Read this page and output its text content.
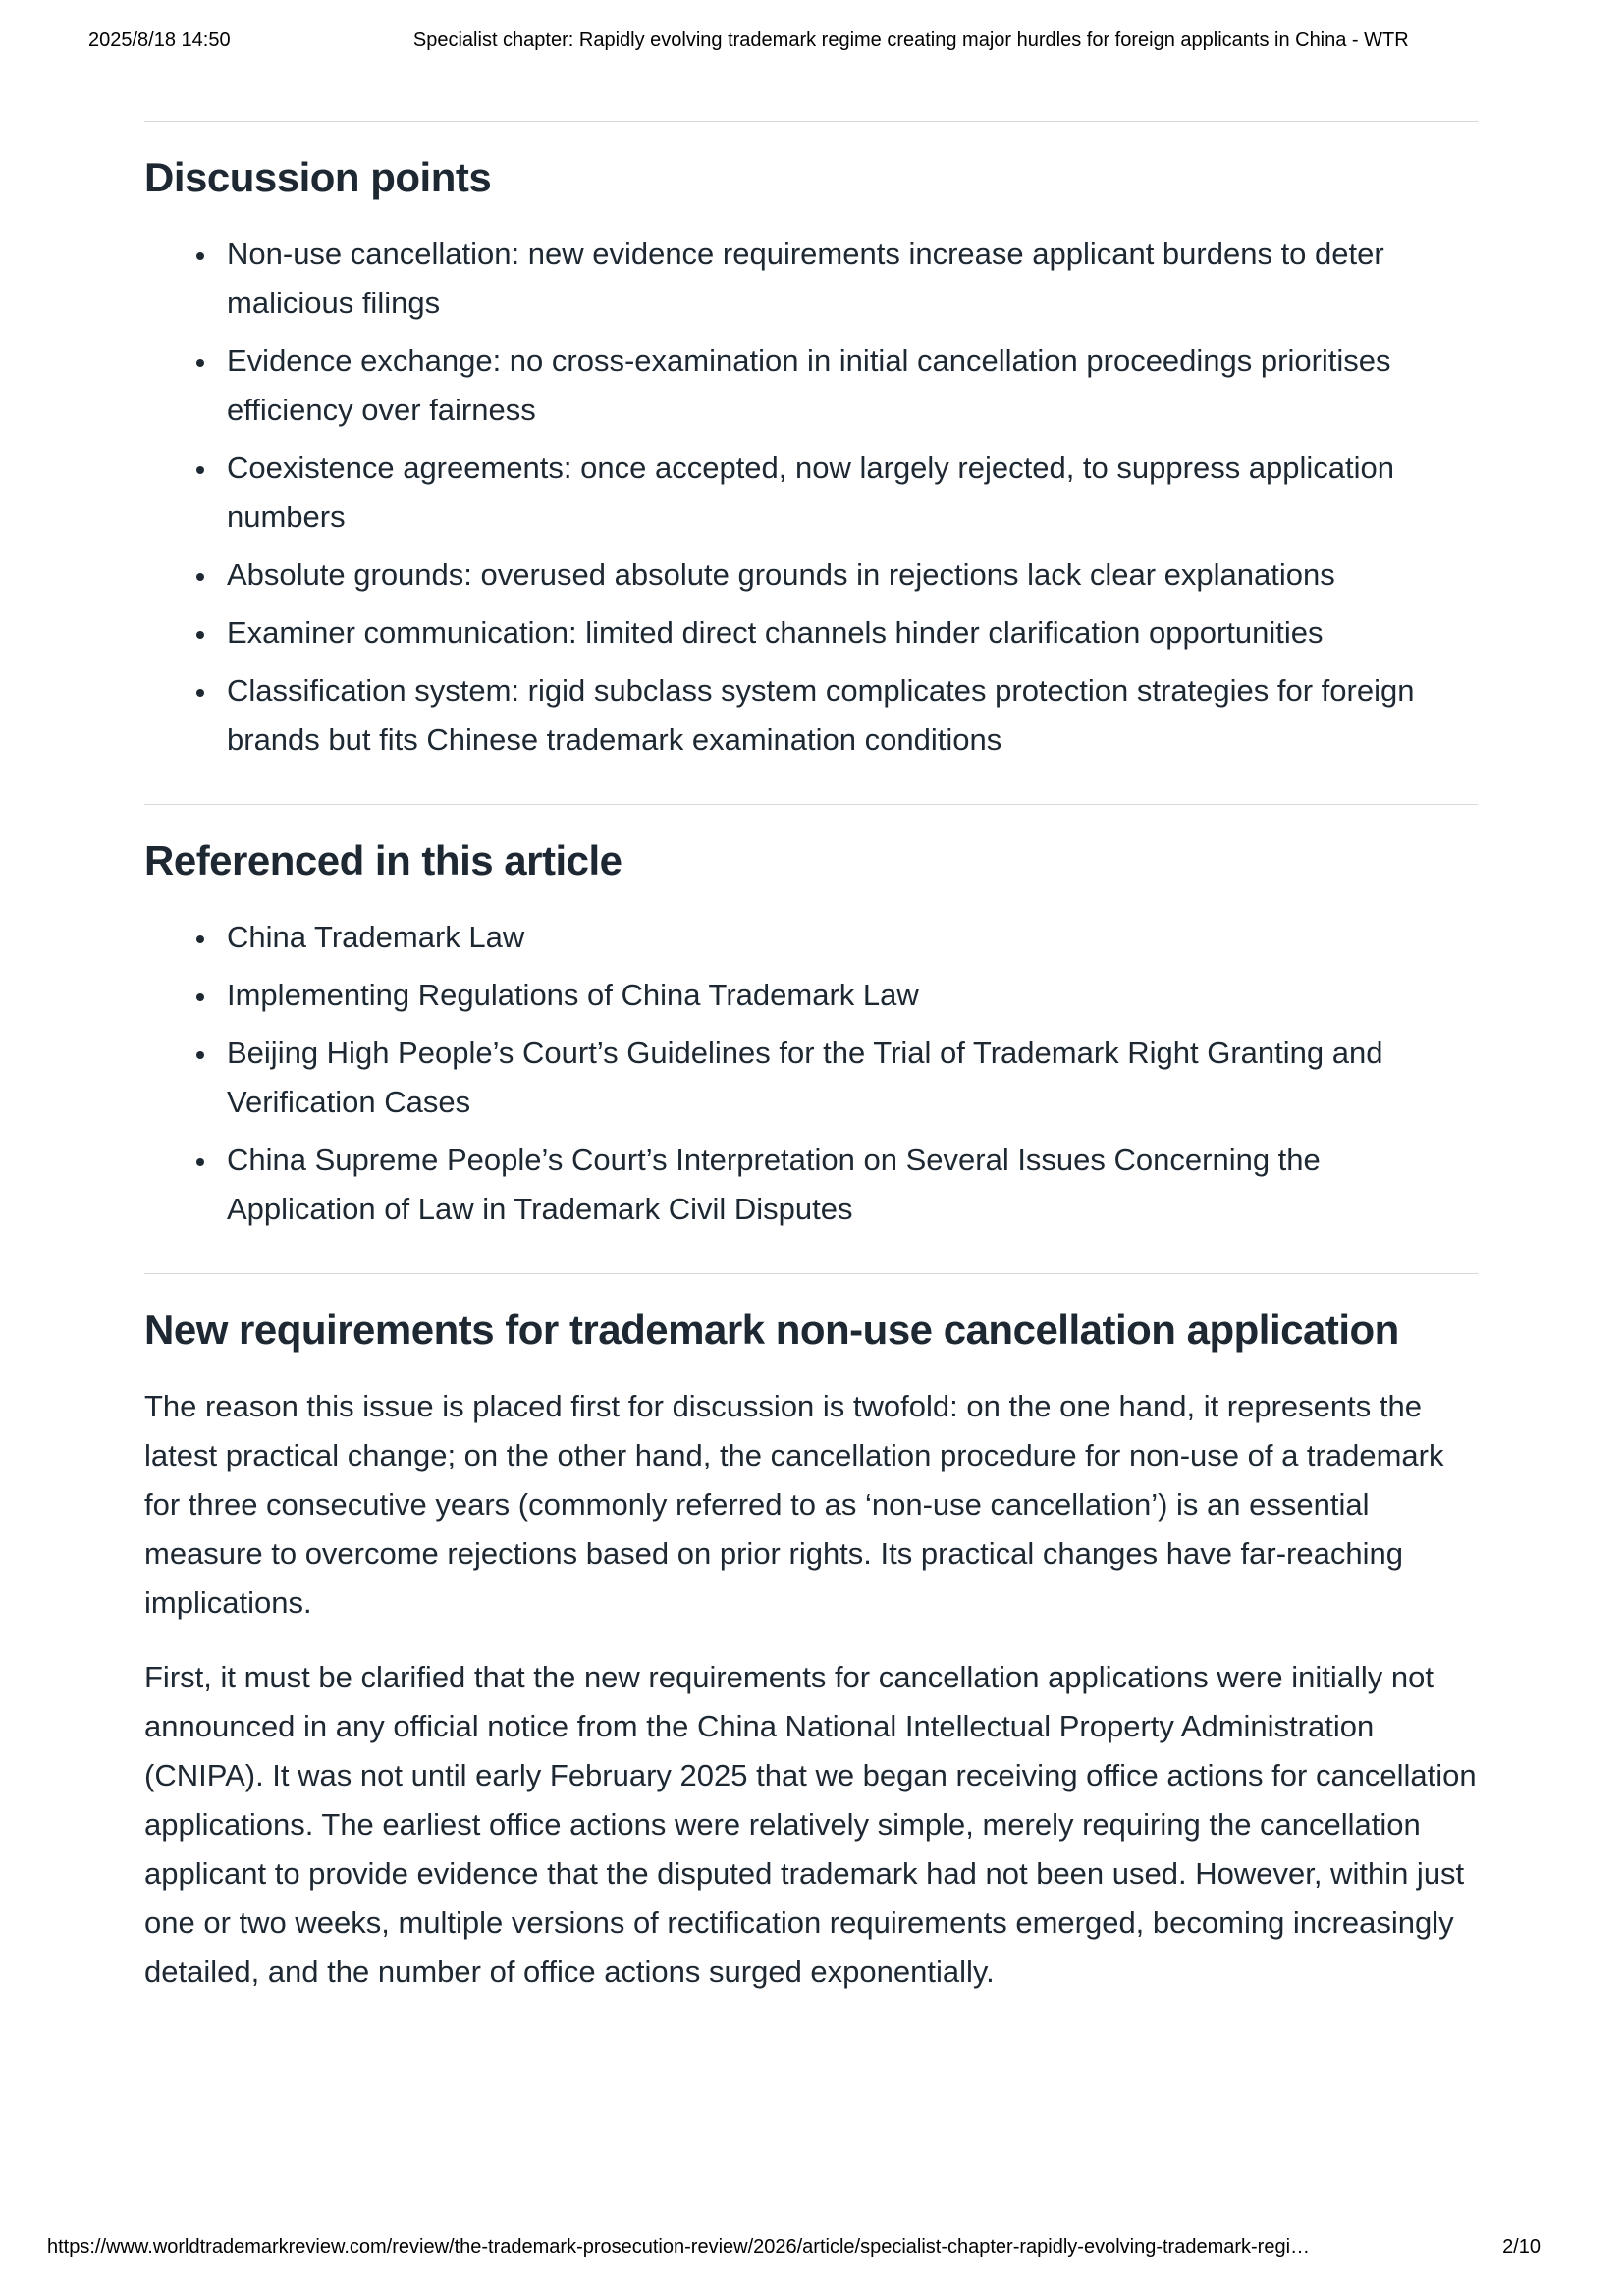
2025/8/18 14:50	Specialist chapter: Rapidly evolving trademark regime creating major hurdles for foreign applicants in China - WTR
Discussion points
• Non-use cancellation: new evidence requirements increase applicant burdens to deter malicious filings
• Evidence exchange: no cross-examination in initial cancellation proceedings prioritises efficiency over fairness
• Coexistence agreements: once accepted, now largely rejected, to suppress application numbers
• Absolute grounds: overused absolute grounds in rejections lack clear explanations
• Examiner communication: limited direct channels hinder clarification opportunities
• Classification system: rigid subclass system complicates protection strategies for foreign brands but fits Chinese trademark examination conditions
Referenced in this article
• China Trademark Law
• Implementing Regulations of China Trademark Law
• Beijing High People’s Court’s Guidelines for the Trial of Trademark Right Granting and Verification Cases
• China Supreme People’s Court’s Interpretation on Several Issues Concerning the Application of Law in Trademark Civil Disputes
New requirements for trademark non-use cancellation application

The reason this issue is placed first for discussion is twofold: on the one hand, it represents the latest practical change; on the other hand, the cancellation procedure for non-use of a trademark for three consecutive years (commonly referred to as ‘non-use cancellation’) is an essential measure to overcome rejections based on prior rights. Its practical changes have far-reaching implications.

First, it must be clarified that the new requirements for cancellation applications were initially not announced in any official notice from the China National Intellectual Property Administration (CNIPA). It was not until early February 2025 that we began receiving office actions for cancellation applications. The earliest office actions were relatively simple, merely requiring the cancellation applicant to provide evidence that the disputed trademark had not been used. However, within just one or two weeks, multiple versions of rectification requirements emerged, becoming increasingly detailed, and the number of office actions surged exponentially.

https://www.worldtrademarkreview.com/review/the-trademark-prosecution-review/2026/article/specialist-chapter-rapidly-evolving-trademark-regi…	2/10
